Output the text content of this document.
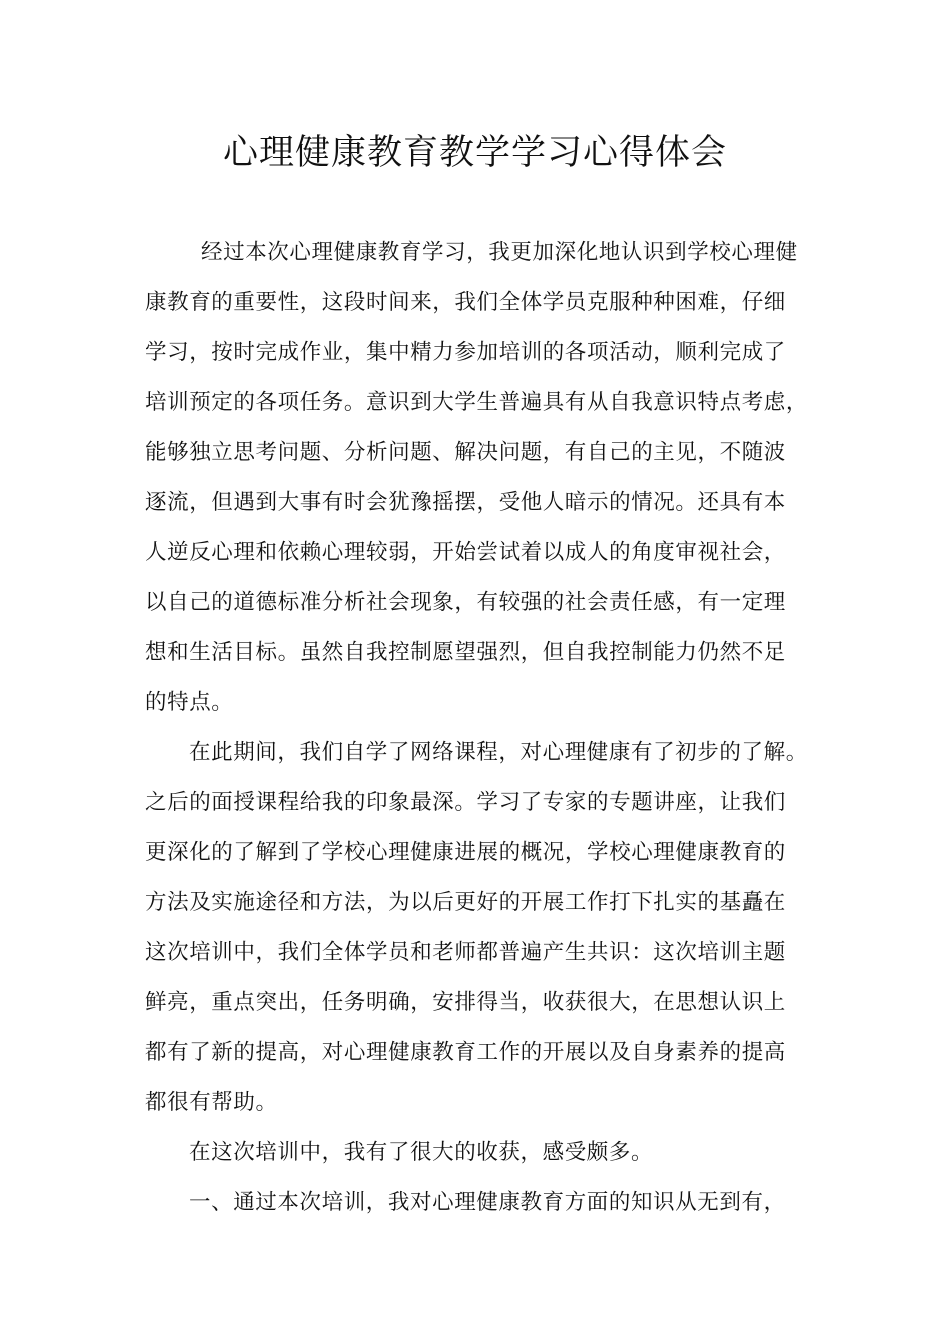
心理健康教育教学学习心得体会
经过本次心理健康教育学习，我更加深化地认识到学校心理健
康教育的重要性，这段时间来，我们全体学员克服种种困难，仔细
学习，按时完成作业，集中精力参加培训的各项活动，顺利完成了
培训预定的各项任务。意识到大学生普遍具有从自我意识特点考虑，
能够独立思考问题、分析问题、解决问题，有自己的主见，不随波
逐流，但遇到大事有时会犹豫摇摆，受他人暗示的情况。还具有本
人逆反心理和依赖心理较弱，开始尝试着以成人的角度审视社会，
以自己的道德标准分析社会现象，有较强的社会责任感，有一定理
想和生活目标。虽然自我控制愿望强烈，但自我控制能力仍然不足
的特点。
在此期间，我们自学了网络课程，对心理健康有了初步的了解。
之后的面授课程给我的印象最深。学习了专家的专题讲座，让我们
更深化的了解到了学校心理健康进展的概况，学校心理健康教育的
方法及实施途径和方法，为以后更好的开展工作打下扎实的基矗在
这次培训中，我们全体学员和老师都普遍产生共识：这次培训主题
鲜亮，重点突出，任务明确，安排得当，收获很大，在思想认识上
都有了新的提高，对心理健康教育工作的开展以及自身素养的提高
都很有帮助。
在这次培训中，我有了很大的收获，感受颇多。
一、通过本次培训，我对心理健康教育方面的知识从无到有，
